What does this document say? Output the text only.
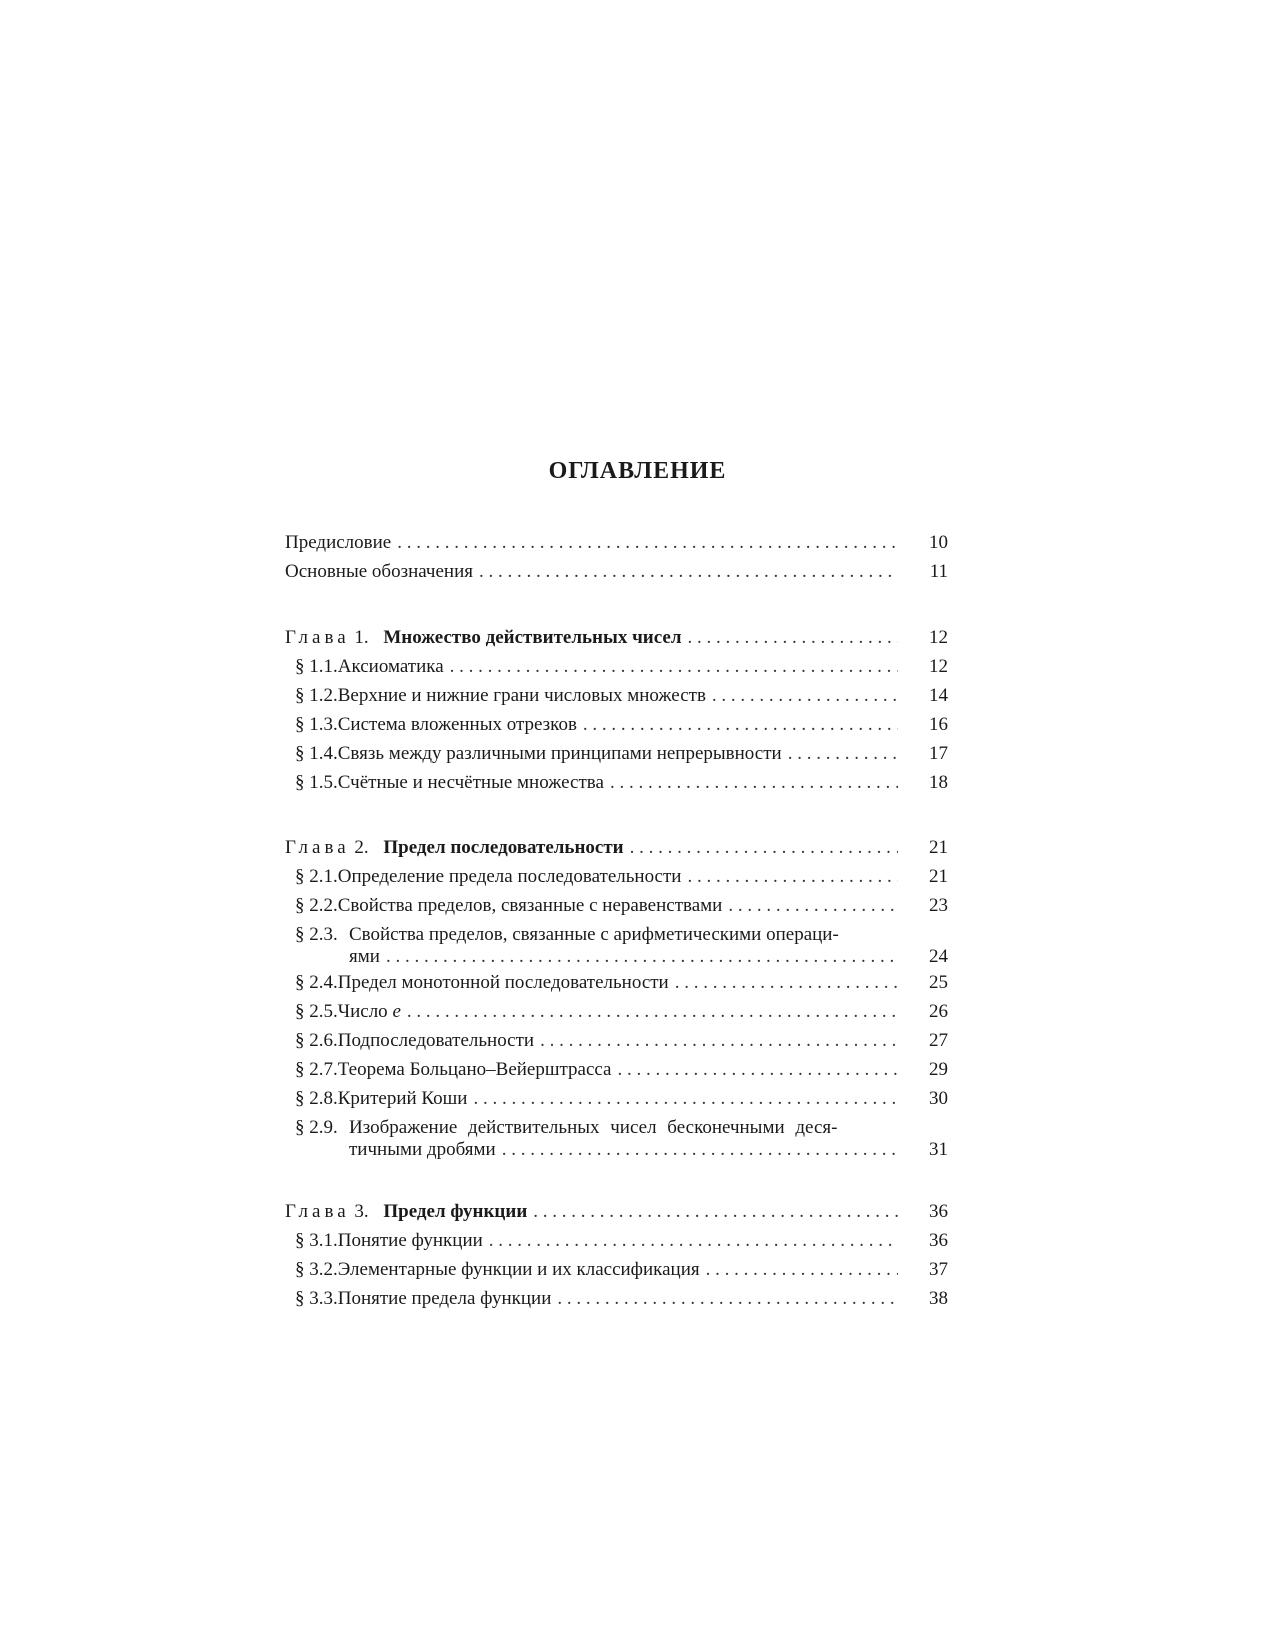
ОГЛАВЛЕНИЕ
Предисловие . . .	10
Основные обозначения . . .	11
Глава 1. Множество действительных чисел . . .	12
§ 1.1. Аксиоматика . . .	12
§ 1.2. Верхние и нижние грани числовых множеств . . .	14
§ 1.3. Система вложенных отрезков . . .	16
§ 1.4. Связь между различными принципами непрерывности . . .	17
§ 1.5. Счётные и несчётные множества . . .	18
Глава 2. Предел последовательности . . .	21
§ 2.1. Определение предела последовательности . . .	21
§ 2.2. Свойства пределов, связанные с неравенствами . . .	23
§ 2.3. Свойства пределов, связанные с арифметическими операци-
ями . . .	24
§ 2.4. Предел монотонной последовательности . . .	25
§ 2.5. Число e . . .	26
§ 2.6. Подпоследовательности . . .	27
§ 2.7. Теорема Больцано–Вейерштрасса . . .	29
§ 2.8. Критерий Коши . . .	30
§ 2.9. Изображение действительных чисел бесконечными деся-
тичными дробями . . .	31
Глава 3. Предел функции . . .	36
§ 3.1. Понятие функции . . .	36
§ 3.2. Элементарные функции и их классификация . . .	37
§ 3.3. Понятие предела функции . . .	38
